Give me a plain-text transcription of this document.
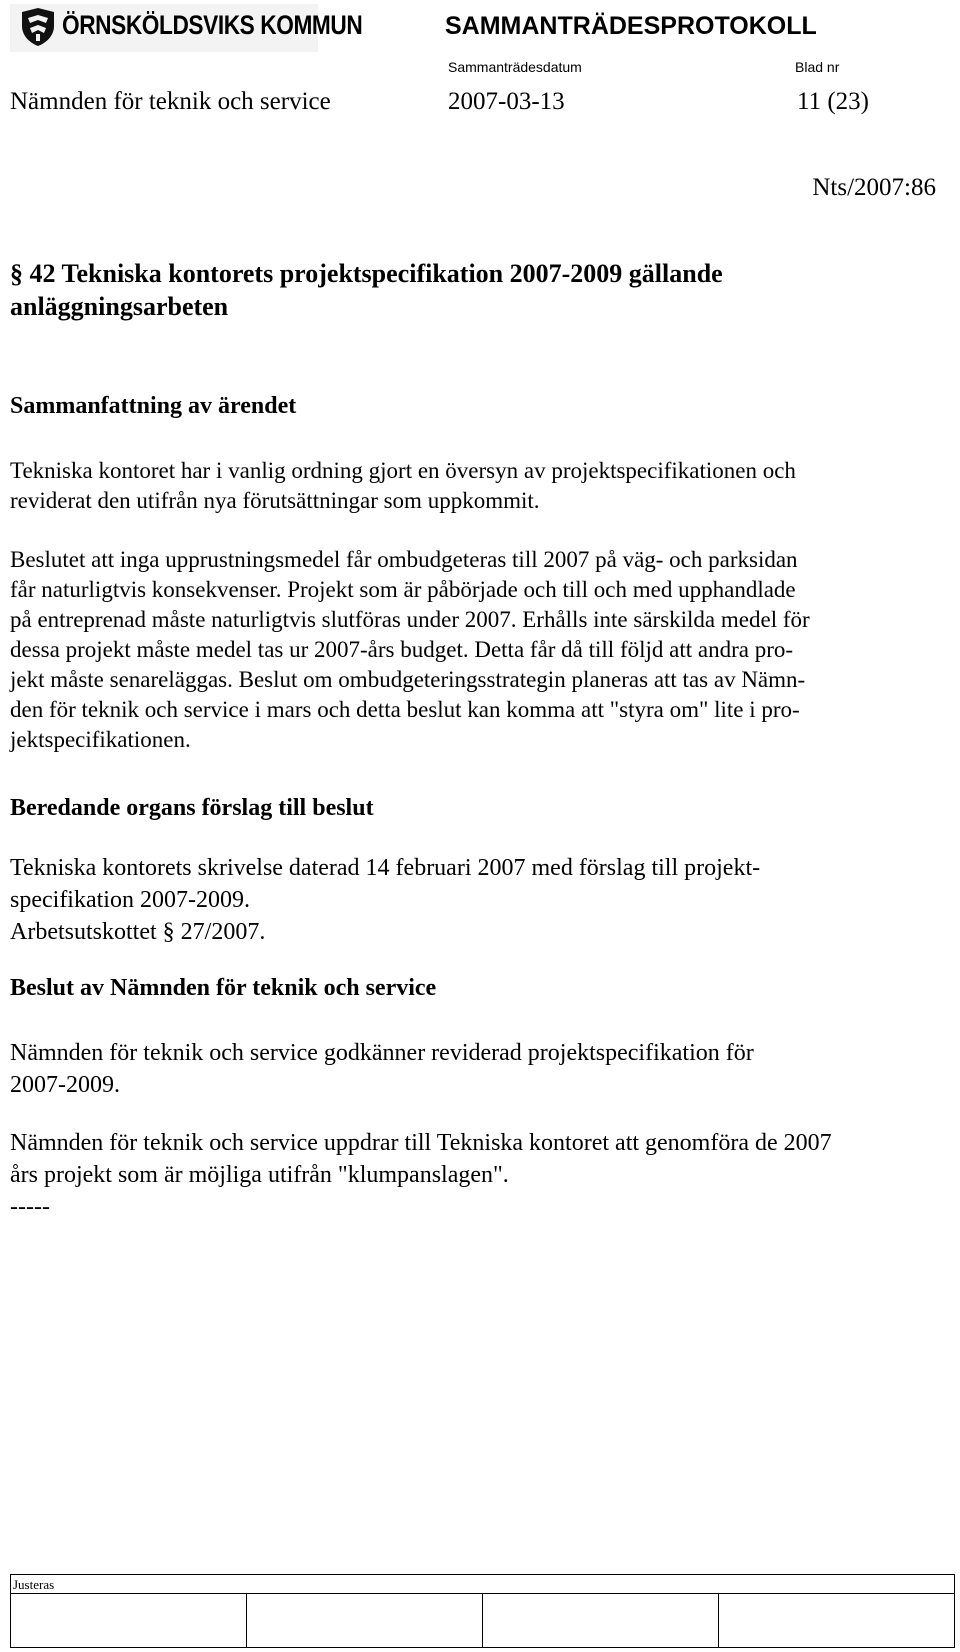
ÖRNSKÖLDSVIKS KOMMUN	SAMMANTRÄDESPROTOKOLL
Sammanträdesdatum	Blad nr
Nämnden för teknik och service	2007-03-13	11 (23)
Nts/2007:86
§ 42 Tekniska kontorets projektspecifikation 2007-2009 gällande anläggningsarbeten
Sammanfattning av ärendet
Tekniska kontoret har i vanlig ordning gjort en översyn av projektspecifikationen och
reviderat den utifrån nya förutsättningar som uppkommit.
Beslutet att inga upprustningsmedel får ombudgeteras till 2007 på väg- och parksidan
får naturligtvis konsekvenser. Projekt som är påbörjade och till och med upphandlade
på entreprenad måste naturligtvis slutföras under 2007. Erhålls inte särskilda medel för
dessa projekt måste medel tas ur 2007-års budget. Detta får då till följd att andra pro-
jekt måste senareläggas. Beslut om ombudgeteringsstrategin planeras att tas av Nämn-
den för teknik och service i mars och detta beslut kan komma att "styra om" lite i pro-
jektspecifikationen.
Beredande organs förslag till beslut
Tekniska kontorets skrivelse daterad 14 februari 2007 med förslag till projekt-
specifikation 2007-2009.
Arbetsutskottet § 27/2007.
Beslut av Nämnden för teknik och service
Nämnden för teknik och service godkänner reviderad projektspecifikation för
2007-2009.
Nämnden för teknik och service uppdrar till Tekniska kontoret att genomföra de 2007
års projekt som är möjliga utifrån "klumpanslagen".
-----
Justeras
